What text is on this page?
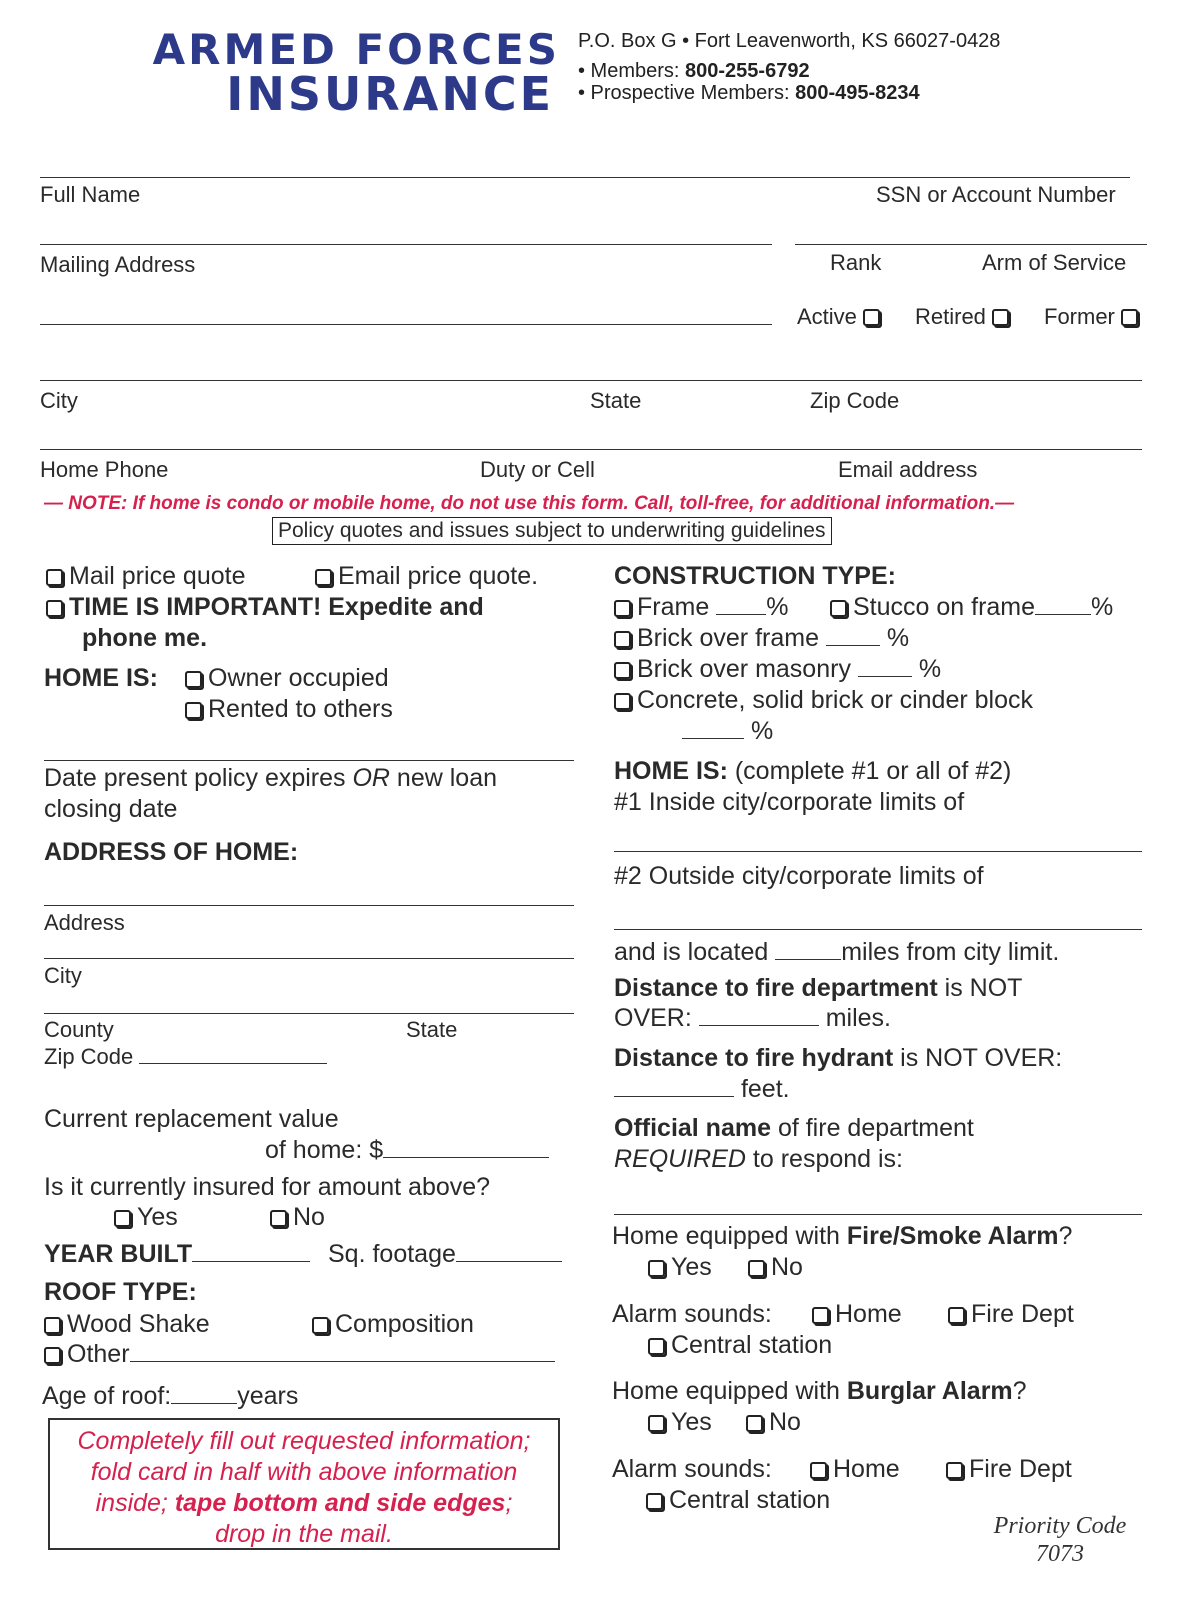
ARMED FORCES
INSURANCE
P.O. Box G • Fort Leavenworth, KS 66027-0428
• Members: 800-255-6792
• Prospective Members: 800-495-8234
Full Name	SSN or Account Number
Mailing Address	Rank	Arm of Service
Active	Retired	Former
City	State	Zip Code
Home Phone	Duty or Cell	Email address
— NOTE: If home is condo or mobile home, do not use this form. Call, toll-free, for additional information.—
Policy quotes and issues subject to underwriting guidelines
Mail price quote	Email price quote.
TIME IS IMPORTANT! Expedite and
phone me.
HOME IS:	Owner occupied
Rented to others
Date present policy expires OR new loan
closing date
ADDRESS OF HOME:
Address
City
County	State
Zip Code
Current replacement value
of home: $
Is it currently insured for amount above?
Yes	No
YEAR BUILT	Sq. footage
ROOF TYPE:
Wood Shake	Composition
Other
Age of roof:	years
Completely fill out requested information;
fold card in half with above information
inside; tape bottom and side edges;
drop in the mail.
CONSTRUCTION TYPE:
Frame %	Stucco on frame %
Brick over frame	%
Brick over masonry	%
Concrete, solid brick or cinder block
%
HOME IS: (complete #1 or all of #2)
#1 Inside city/corporate limits of
#2 Outside city/corporate limits of
and is located	miles from city limit.
Distance to fire department is NOT
OVER:	miles.
Distance to fire hydrant is NOT OVER:
feet.
Official name of fire department
REQUIRED to respond is:
Home equipped with Fire/Smoke Alarm?
Yes	No
Alarm sounds:	Home	Fire Dept
Central station
Home equipped with Burglar Alarm?
Yes	No
Alarm sounds:	Home	Fire Dept
Central station
Priority Code
7073
